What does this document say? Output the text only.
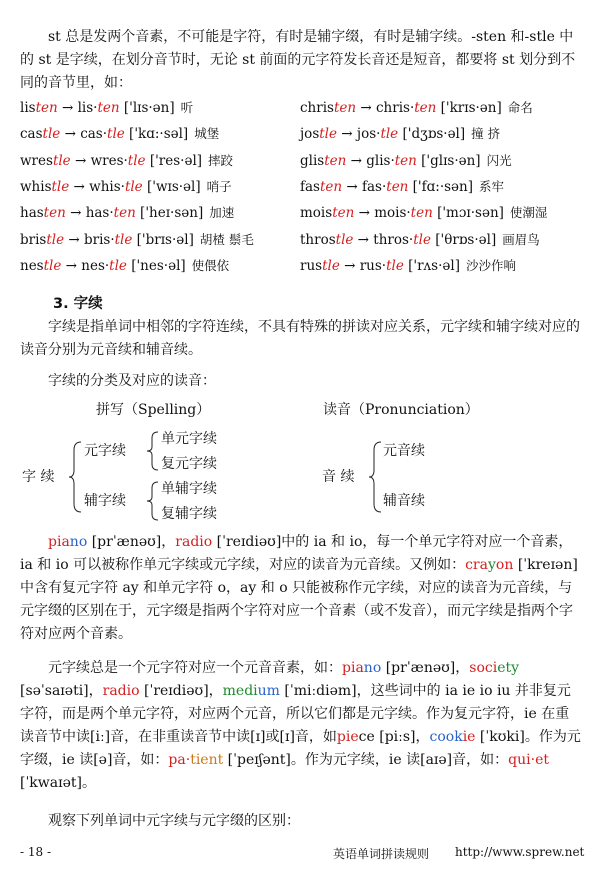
st 总是发两个音素，不可能是字符，有时是辅字缀，有时是辅字续。-sten 和-stle 中的 st 是字续，在划分音节时，无论 st 前面的元字符发长音还是短音，都要将 st 划分到不同的音节里，如：

listen → lis·ten ['lɪs·ən] 听
castle → cas·tle ['kɑ:·səl] 城堡
wrestle → wres·tle ['res·əl] 摔跤
whistle → whis·tle ['wɪs·əl] 哨子
hasten → has·ten ['heɪ·sən] 加速
bristle → bris·tle ['brɪs·əl] 胡楂 鬃毛
nestle → nes·tle ['nes·əl] 使偎依
christen → chris·ten ['krɪs·ən] 命名
jostle → jos·tle ['dʒɒs·əl] 撞 挤
glisten → glis·ten ['glɪs·ən] 闪光
fasten → fas·ten ['fɑ:·sən] 系牢
moisten → mois·ten ['mɔɪ·sən] 使潮湿
throstle → thros·tle ['θrɒs·əl] 画眉鸟
rustle → rus·tle ['rʌs·əl] 沙沙作响
3. 字续

字续是指单词中相邻的字符连续，不具有特殊的拼读对应关系，元字续和辅字续对应的读音分别为元音续和辅音续。

字续的分类及对应的读音：

拼写（Spelling）	读音（Pronunciation）
字 续
元字续
辅字续
单元字续
复元字续
单辅字续
复辅字续
音 续
元音续
辅音续

piano [prˈænəʊ]，radio [ˈreɪdiəʊ]中的 ia 和 io，每一个单元字符对应一个音素，ia 和 io 可以被称作单元字续或元字续，对应的读音为元音续。又例如：crayon [ˈkreɪən]中含有复元字符 ay 和单元字符 o，ay 和 o 只能被称作元字续，对应的读音为元音续，与元字缀的区别在于，元字缀是指两个字符对应一个音素（或不发音），而元字续是指两个字符对应两个音素。

元字续总是一个元字符对应一个元音音素，如：piano [prˈænəʊ]，society
[səˈsaɪəti]，radio [ˈreɪdiəʊ]，medium [ˈmiːdiəm]，这些词中的 ia ie io iu 并非复元字符，而是两个单元字符，对应两个元音，所以它们都是元字续。作为复元字符，ie 在重读音节中读[iː]音，在非重读音节中读[ɪ]或[ɪ]音，如piece [piːs]，cookie [ˈkʊki]。作为元字缀，ie 读[ə]音，如：pa·tient [ˈpeɪʃənt]。作为元字续，ie 读[aɪə]音，如：qui·et [ˈkwaɪət]。

观察下列单词中元字续与元字缀的区别：

- 18 -	英语单词拼读规则 http://www.sprew.net
